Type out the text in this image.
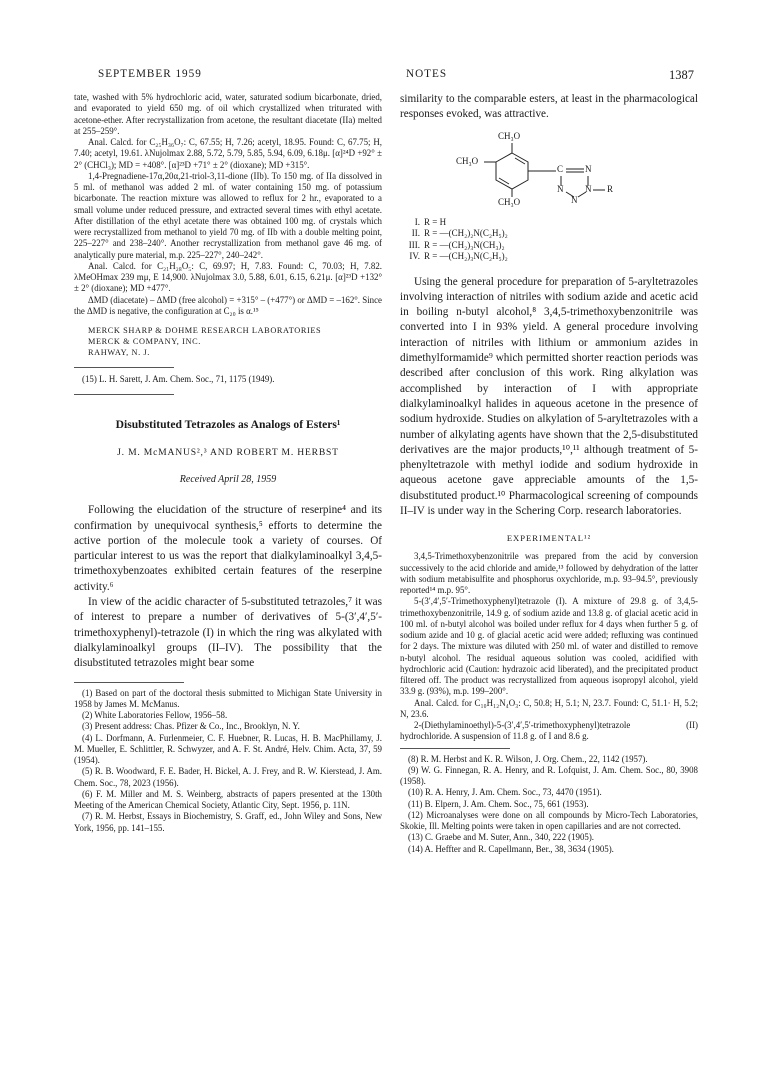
SEPTEMBER 1959	NOTES	1387

tate, washed with 5% hydrochloric acid, water, saturated sodium bicarbonate, dried, and evaporated to yield 650 mg. of oil which crystallized when triturated with acetone-ether. After recrystallization from acetone, the resultant diacetate (IIa) melted at 255–259°.

Anal. Calcd. for C₂₅H₃₆O₇: C, 67.55; H, 7.26; acetyl, 18.95. Found: C, 67.75; H, 7.40; acetyl, 19.61. λNujolmax 2.88, 5.72, 5.79, 5.85, 5.94, 6.09, 6.18μ. [α]²⁴D +92° ± 2° (CHCl₃); MD = +408°. [α]²³D +71° ± 2° (dioxane); MD +315°.

1,4-Pregnadiene-17α,20α,21-triol-3,11-dione (IIb). To 150 mg. of IIa dissolved in 5 ml. of methanol was added 2 ml. of water containing 150 mg. of potassium bicarbonate. The reaction mixture was allowed to reflux for 2 hr., evaporated to a small volume under reduced pressure, and extracted several times with ethyl acetate. After distillation of the ethyl acetate there was obtained 100 mg. of crystals which were recrystallized from methanol to yield 70 mg. of IIb with a double melting point, 225–227° and 238–240°. Another recrystallization from methanol gave 46 mg. of analytically pure material, m.p. 225–227°, 240–242°.

Anal. Calcd. for C₂₁H₂₈O₅: C, 69.97; H, 7.83. Found: C, 70.03; H, 7.82. λMeOHmax 239 mμ, E 14,900. λNujolmax 3.0, 5.88, 6.01, 6.15, 6.21μ. [α]²³D +132° ± 2° (dioxane); MD +477°.

ΔMD (diacetate) – ΔMD (free alcohol) = +315° – (+477°) or ΔMD = –162°. Since the ΔMD is negative, the configuration at C₂₀ is α.¹⁵

MERCK SHARP & DOHME RESEARCH LABORATORIES
MERCK & COMPANY, INC.
RAHWAY, N. J.

(15) L. H. Sarett, J. Am. Chem. Soc., 71, 1175 (1949).

Disubstituted Tetrazoles as Analogs of Esters¹

J. M. McMANUS²,³ AND ROBERT M. HERBST

Received April 28, 1959

Following the elucidation of the structure of reserpine⁴ and its confirmation by unequivocal synthesis,⁵ efforts to determine the active portion of the molecule took a variety of courses. Of particular interest to us was the report that dialkylaminoalkyl 3,4,5-trimethoxybenzoates exhibited certain features of the reserpine activity.⁶

In view of the acidic character of 5-substituted tetrazoles,⁷ it was of interest to prepare a number of derivatives of 5-(3′,4′,5′-trimethoxyphenyl)-tetrazole (I) in which the ring was alkylated with dialkylaminoalkyl groups (II–IV). The possibility that the disubstituted tetrazoles might bear some

(1) Based on part of the doctoral thesis submitted to Michigan State University in 1958 by James M. McManus.

(2) White Laboratories Fellow, 1956–58.

(3) Present address: Chas. Pfizer & Co., Inc., Brooklyn, N. Y.

(4) L. Dorfmann, A. Furlenmeier, C. F. Huebner, R. Lucas, H. B. MacPhillamy, J. M. Mueller, E. Schlittler, R. Schwyzer, and A. F. St. André, Helv. Chim. Acta, 37, 59 (1954).

(5) R. B. Woodward, F. E. Bader, H. Bickel, A. J. Frey, and R. W. Kierstead, J. Am. Chem. Soc., 78, 2023 (1956).

(6) F. M. Miller and M. S. Weinberg, abstracts of papers presented at the 130th Meeting of the American Chemical Society, Atlantic City, Sept. 1956, p. 11N.

(7) R. M. Herbst, Essays in Biochemistry, S. Graff, ed., John Wiley and Sons, New York, 1956, pp. 141–155.

similarity to the comparable esters, at least in the pharmacological responses evoked, was attractive.

CH₃O
CH₃O
CH₃O
C N
N N
N
R
I. R = H
II. R = —(CH₂)₂N(C₂H₅)₂
III. R = —(CH₂)₃N(CH₃)₂
IV. R = —(CH₂)₃N(C₂H₅)₂

Using the general procedure for preparation of 5-aryltetrazoles involving interaction of nitriles with sodium azide and acetic acid in boiling n-butyl alcohol,⁸ 3,4,5-trimethoxybenzonitrile was converted into I in 93% yield. A general procedure involving interaction of nitriles with lithium or ammonium azides in dimethylformamide⁹ which permitted shorter reaction periods was described after conclusion of this work. Ring alkylation was accomplished by interaction of I with appropriate dialkylaminoalkyl halides in aqueous acetone in the presence of sodium hydroxide. Studies on alkylation of 5-aryltetrazoles with a number of alkylating agents have shown that the 2,5-disubstituted derivatives are the major products,¹⁰,¹¹ although treatment of 5-phenyltetrazole with methyl iodide and sodium hydroxide in aqueous acetone gave appreciable amounts of the 1,5-disubstituted product.¹⁰ Pharmacological screening of compounds II–IV is under way in the Schering Corp. research laboratories.

EXPERIMENTAL¹²

3,4,5-Trimethoxybenzonitrile was prepared from the acid by conversion successively to the acid chloride and amide,¹³ followed by dehydration of the latter with sodium metabisulfite and phosphorus oxychloride, m.p. 93–94.5°, previously reported¹⁴ m.p. 95°.

5-(3′,4′,5′-Trimethoxyphenyl)tetrazole (I). A mixture of 29.8 g. of 3,4,5-trimethoxybenzonitrile, 14.9 g. of sodium azide and 13.8 g. of glacial acetic acid in 100 ml. of n-butyl alcohol was boiled under reflux for 4 days when further 5 g. of sodium azide and 10 g. of glacial acetic acid were added; refluxing was continued for 2 days. The mixture was diluted with 250 ml. of water and distilled to remove n-butyl alcohol. The residual aqueous solution was cooled, acidified with hydrochloric acid (Caution: hydrazoic acid liberated), and the precipitated product filtered off. The product was recrystallized from aqueous isopropyl alcohol, yield 33.9 g. (93%), m.p. 199–200°.

Anal. Calcd. for C₁₀H₁₂N₄O₃: C, 50.8; H, 5.1; N, 23.7. Found: C, 51.1· H, 5.2; N, 23.6.

2-(Diethylaminoethyl)-5-(3′,4′,5′-trimethoxyphenyl)tetrazole (II) hydrochloride. A suspension of 11.8 g. of I and 8.6 g.

(8) R. M. Herbst and K. R. Wilson, J. Org. Chem., 22, 1142 (1957).

(9) W. G. Finnegan, R. A. Henry, and R. Lofquist, J. Am. Chem. Soc., 80, 3908 (1958).

(10) R. A. Henry, J. Am. Chem. Soc., 73, 4470 (1951).

(11) B. Elpern, J. Am. Chem. Soc., 75, 661 (1953).

(12) Microanalyses were done on all compounds by Micro-Tech Laboratories, Skokie, Ill. Melting points were taken in open capillaries and are not corrected.

(13) C. Graebe and M. Suter, Ann., 340, 222 (1905).

(14) A. Heffter and R. Capellmann, Ber., 38, 3634 (1905).
